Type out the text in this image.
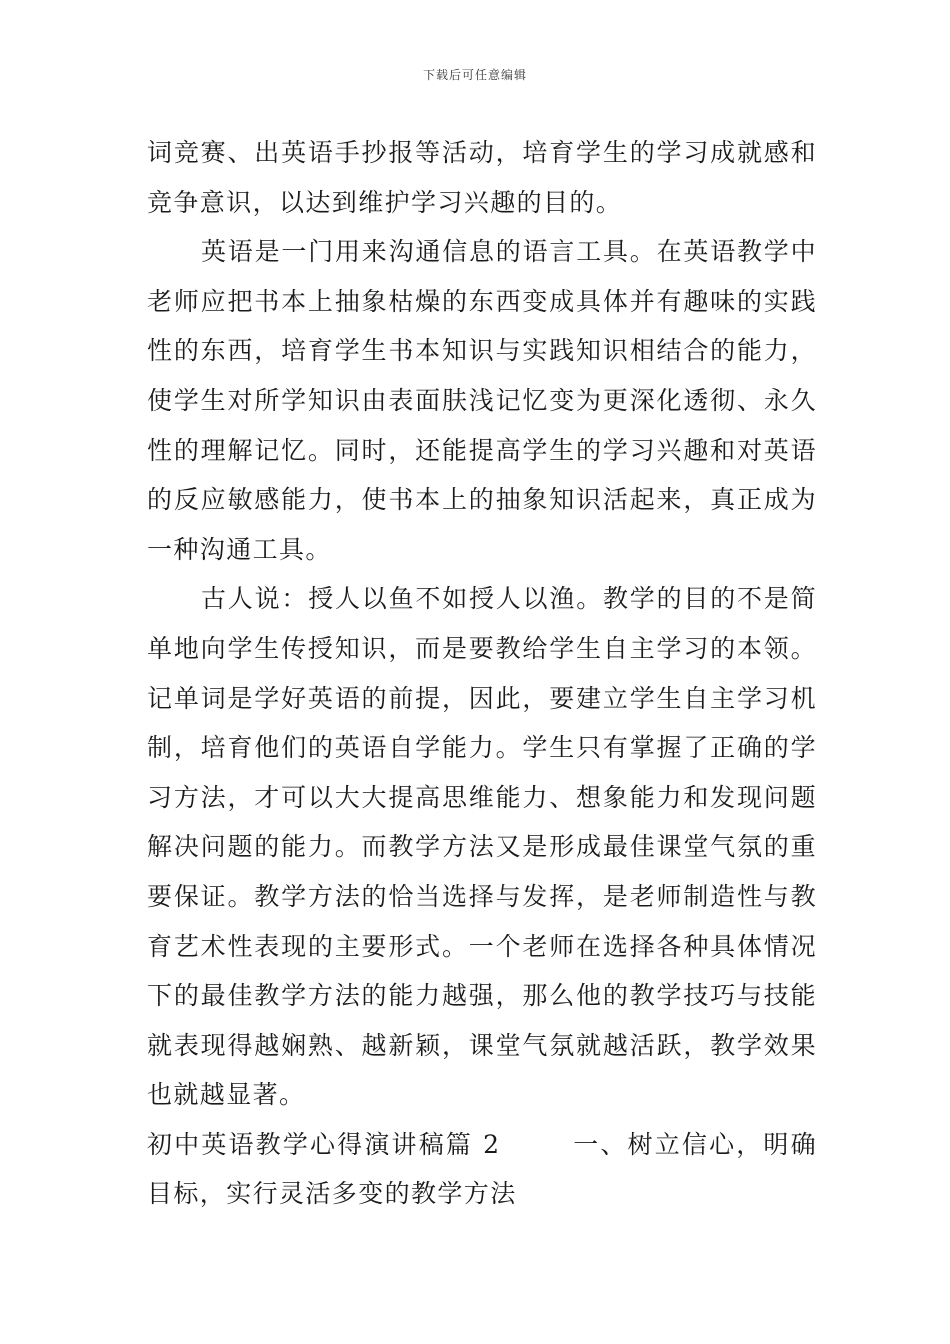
下载后可任意编辑

词竞赛、出英语手抄报等活动，培育学生的学习成就感和竞争意识，以达到维护学习兴趣的目的。

英语是一门用来沟通信息的语言工具。在英语教学中老师应把书本上抽象枯燥的东西变成具体并有趣味的实践性的东西，培育学生书本知识与实践知识相结合的能力，使学生对所学知识由表面肤浅记忆变为更深化透彻、永久性的理解记忆。同时，还能提高学生的学习兴趣和对英语的反应敏感能力，使书本上的抽象知识活起来，真正成为一种沟通工具。

古人说：授人以鱼不如授人以渔。教学的目的不是简单地向学生传授知识，而是要教给学生自主学习的本领。记单词是学好英语的前提，因此，要建立学生自主学习机制，培育他们的英语自学能力。学生只有掌握了正确的学习方法，才可以大大提高思维能力、想象能力和发现问题解决问题的能力。而教学方法又是形成最佳课堂气氛的重要保证。教学方法的恰当选择与发挥，是老师制造性与教育艺术性表现的主要形式。一个老师在选择各种具体情况下的最佳教学方法的能力越强，那么他的教学技巧与技能就表现得越娴熟、越新颖，课堂气氛就越活跃，教学效果也就越显著。

初中英语教学心得演讲稿篇 2	一、树立信心，明确目标，实行灵活多变的教学方法
